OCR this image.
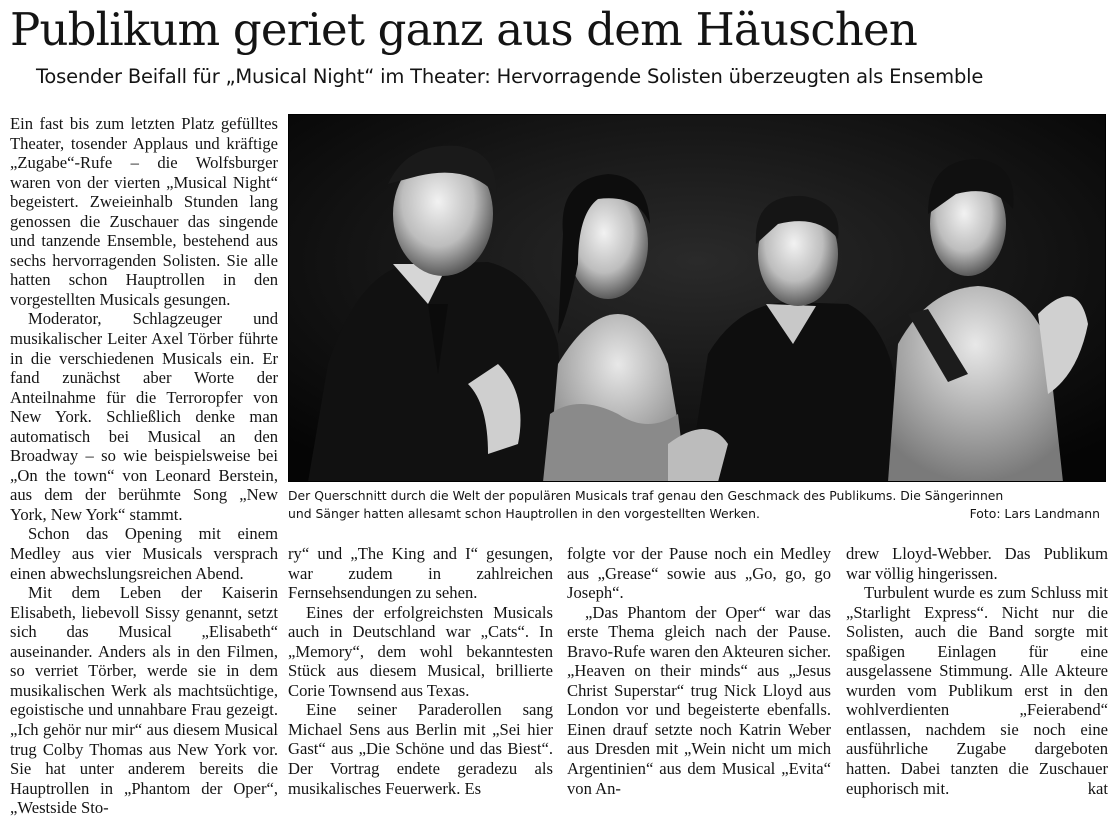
Publikum geriet ganz aus dem Häuschen
Tosender Beifall für „Musical Night“ im Theater: Hervorragende Solisten überzeugten als Ensemble

Ein fast bis zum letzten Platz gefülltes Theater, tosender Applaus und kräftige „Zugabe“-Rufe – die Wolfsburger waren von der vierten „Musical Night“ begeistert. Zweieinhalb Stunden lang genossen die Zuschauer das singende und tanzende Ensemble, bestehend aus sechs hervorragenden Solisten. Sie alle hatten schon Hauptrollen in den vorgestellten Musicals gesungen.

Moderator, Schlagzeuger und musikalischer Leiter Axel Törber führte in die verschiedenen Musicals ein. Er fand zunächst aber Worte der Anteilnahme für die Terroropfer von New York. Schließlich denke man automatisch bei Musical an den Broadway – so wie beispielsweise bei „On the town“ von Leonard Berstein, aus dem der berühmte Song „New York, New York“ stammt.

Schon das Opening mit einem Medley aus vier Musicals versprach einen abwechslungsreichen Abend.

Mit dem Leben der Kaiserin Elisabeth, liebevoll Sissy genannt, setzt sich das Musical „Elisabeth“ auseinander. Anders als in den Filmen, so verriet Törber, werde sie in dem musikalischen Werk als machtsüchtige, egoistische und unnahbare Frau gezeigt. „Ich gehör nur mir“ aus diesem Musical trug Colby Thomas aus New York vor. Sie hat unter anderem bereits die Hauptrollen in „Phantom der Oper“, „Westside Sto-

Der Querschnitt durch die Welt der populären Musicals traf genau den Geschmack des Publikums. Die Sängerinnen
und Sänger hatten allesamt schon Hauptrollen in den vorgestellten Werken.	Foto: Lars Landmann

ry“ und „The King and I“ gesungen, war zudem in zahlreichen Fernsehsendungen zu sehen.

Eines der erfolgreichsten Musicals auch in Deutschland war „Cats“. In „Memory“, dem wohl bekanntesten Stück aus diesem Musical, brillierte Corie Townsend aus Texas.

Eine seiner Paraderollen sang Michael Sens aus Berlin mit „Sei hier Gast“ aus „Die Schöne und das Biest“. Der Vortrag endete geradezu als musikalisches Feuerwerk. Es

folgte vor der Pause noch ein Medley aus „Grease“ sowie aus „Go, go, go Joseph“.

„Das Phantom der Oper“ war das erste Thema gleich nach der Pause. Bravo-Rufe waren den Akteuren sicher. „Heaven on their minds“ aus „Jesus Christ Superstar“ trug Nick Lloyd aus London vor und begeisterte ebenfalls. Einen drauf setzte noch Katrin Weber aus Dresden mit „Wein nicht um mich Argentinien“ aus dem Musical „Evita“ von An-

drew Lloyd-Webber. Das Publikum war völlig hingerissen.

Turbulent wurde es zum Schluss mit „Starlight Express“. Nicht nur die Solisten, auch die Band sorgte mit spaßigen Einlagen für eine ausgelassene Stimmung. Alle Akteure wurden vom Publikum erst in den wohlverdienten „Feierabend“ entlassen, nachdem sie noch eine ausführliche Zugabe dargeboten hatten. Dabei tanzten die Zuschauer euphorisch mit.	kat
